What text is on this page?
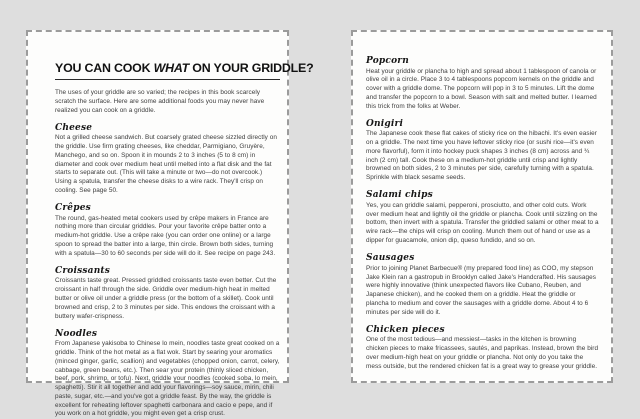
YOU CAN COOK WHAT ON YOUR GRIDDLE?

The uses of your griddle are so varied; the recipes in this book scarcely scratch the surface. Here are some additional foods you may never have realized you can cook on a griddle.

Cheese

Not a grilled cheese sandwich. But coarsely grated cheese sizzled directly on the griddle. Use firm grating cheeses, like cheddar, Parmigiano, Gruyère, Manchego, and so on. Spoon it in mounds 2 to 3 inches (5 to 8 cm) in diameter and cook over medium heat until melted into a flat disk and the fat starts to separate out. (This will take a minute or two—do not overcook.) Using a spatula, transfer the cheese disks to a wire rack. They'll crisp on cooling. See page 50.

Crêpes

The round, gas-heated metal cookers used by crêpe makers in France are nothing more than circular griddles. Pour your favorite crêpe batter onto a medium-hot griddle. Use a crêpe rake (you can order one online) or a large spoon to spread the batter into a large, thin circle. Brown both sides, turning with a spatula—30 to 60 seconds per side will do it. See recipe on page 243.

Croissants

Croissants taste great. Pressed griddled croissants taste even better. Cut the croissant in half through the side. Griddle over medium-high heat in melted butter or olive oil under a griddle press (or the bottom of a skillet). Cook until browned and crisp, 2 to 3 minutes per side. This endows the croissant with a buttery wafer-crispness.

Noodles

From Japanese yakisoba to Chinese lo mein, noodles taste great cooked on a griddle. Think of the hot metal as a flat wok. Start by searing your aromatics (minced ginger, garlic, scallion) and vegetables (chopped onion, carrot, celery, cabbage, green beans, etc.). Then sear your protein (thinly sliced chicken, beef, pork, shrimp, or tofu). Next, griddle your noodles (cooked soba, lo mein, spaghetti). Stir it all together and add your flavorings—soy sauce, mirin, chili paste, sugar, etc.—and you've got a griddle feast. By the way, the griddle is excellent for reheating leftover spaghetti carbonara and cacio e pepe, and if you work on a hot griddle, you might even get a crisp crust.

Popcorn

Heat your griddle or plancha to high and spread about 1 tablespoon of canola or olive oil in a circle. Place 3 to 4 tablespoons popcorn kernels on the griddle and cover with a griddle dome. The popcorn will pop in 3 to 5 minutes. Lift the dome and transfer the popcorn to a bowl. Season with salt and melted butter. I learned this trick from the folks at Weber.

Onigiri

The Japanese cook these flat cakes of sticky rice on the hibachi. It's even easier on a griddle. The next time you have leftover sticky rice (or sushi rice—it's even more flavorful), form it into hockey puck shapes 3 inches (8 cm) across and ¾ inch (2 cm) tall. Cook these on a medium-hot griddle until crisp and lightly browned on both sides, 2 to 3 minutes per side, carefully turning with a spatula. Sprinkle with black sesame seeds.

Salami chips

Yes, you can griddle salami, pepperoni, prosciutto, and other cold cuts. Work over medium heat and lightly oil the griddle or plancha. Cook until sizzling on the bottom, then invert with a spatula. Transfer the griddled salami or other meat to a wire rack—the chips will crisp on cooling. Munch them out of hand or use as a dipper for guacamole, onion dip, queso fundido, and so on.

Sausages

Prior to joining Planet Barbecue® (my prepared food line) as COO, my stepson Jake Klein ran a gastropub in Brooklyn called Jake's Handcrafted. His sausages were highly innovative (think unexpected flavors like Cubano, Reuben, and Japanese chicken), and he cooked them on a griddle. Heat the griddle or plancha to medium and cover the sausages with a griddle dome. About 4 to 6 minutes per side will do it.

Chicken pieces

One of the most tedious—and messiest—tasks in the kitchen is browning chicken pieces to make fricassees, sautés, and paprikas. Instead, brown the bird over medium-high heat on your griddle or plancha. Not only do you take the mess outside, but the rendered chicken fat is a great way to grease your griddle.
